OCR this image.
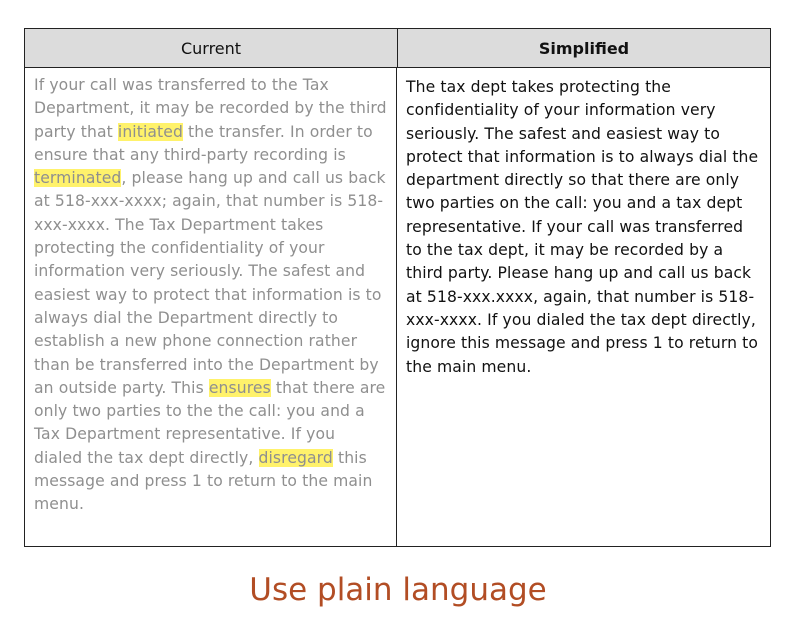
Current	Simplified
If your call was transferred to the Tax Department, it may be recorded by the third party that initiated the transfer. In order to ensure that any third-party recording is terminated, please hang up and call us back at 518-xxx-xxxx; again, that number is 518-xxx-xxxx. The Tax Department takes protecting the confidentiality of your information very seriously. The safest and easiest way to protect that information is to always dial the Department directly to establish a new phone connection rather than be transferred into the Department by an outside party. This ensures that there are only two parties to the the call: you and a Tax Department representative. If you dialed the tax dept directly, disregard this message and press 1 to return to the main menu.
The tax dept takes protecting the confidentiality of your information very seriously. The safest and easiest way to protect that information is to always dial the department directly so that there are only two parties on the call: you and a tax dept representative. If your call was transferred to the tax dept, it may be recorded by a third party. Please hang up and call us back at 518-xxx.xxxx, again, that number is 518-xxx-xxxx. If you dialed the tax dept directly, ignore this message and press 1 to return to the main menu.
Use plain language
